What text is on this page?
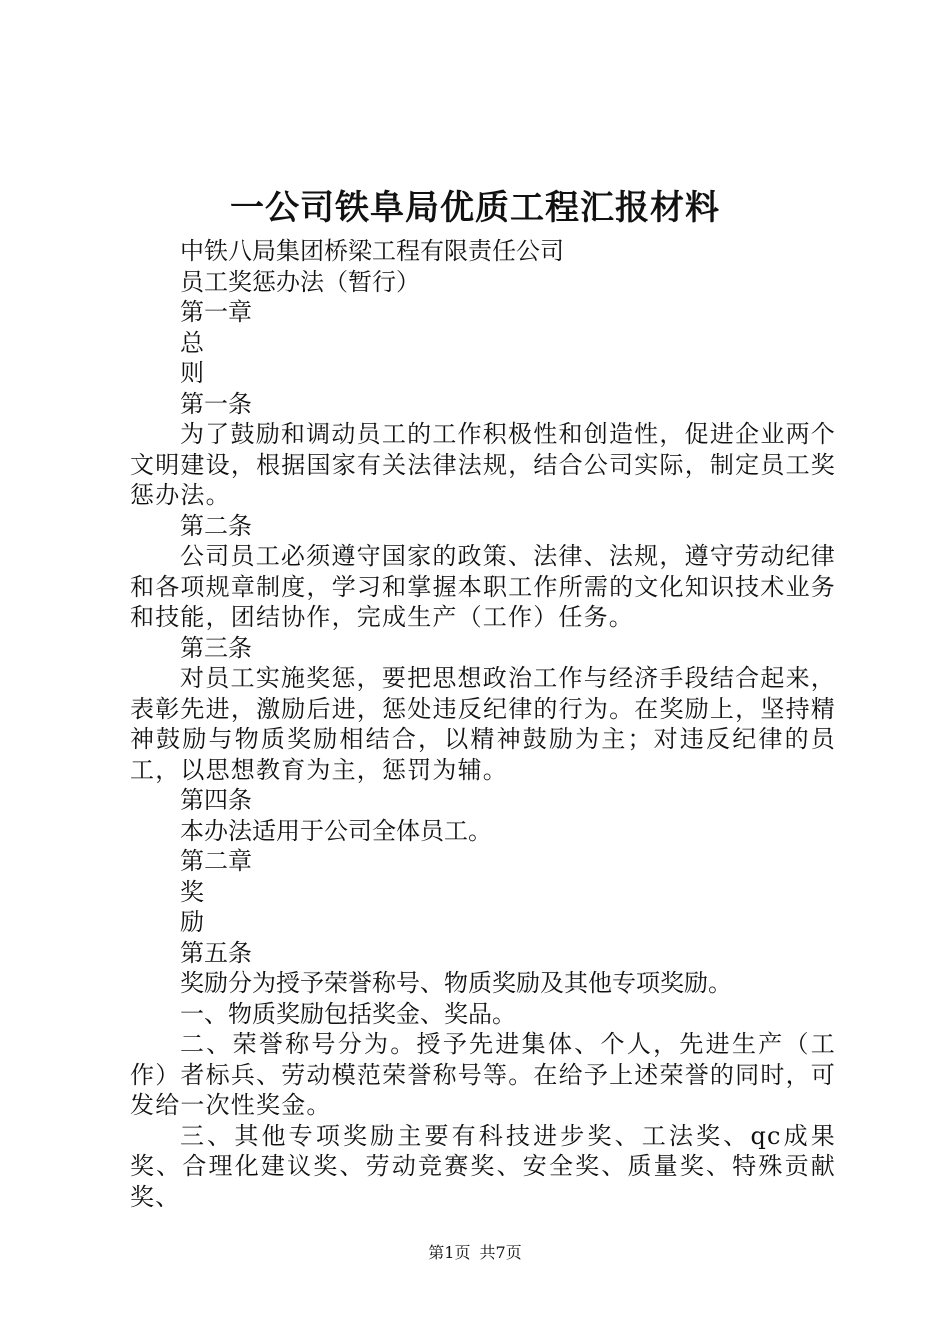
一公司铁阜局优质工程汇报材料
中铁八局集团桥梁工程有限责任公司
员工奖惩办法（暂行）
第一章
总
则
第一条
为了鼓励和调动员工的工作积极性和创造性，促进企业两个文明建设，根据国家有关法律法规，结合公司实际，制定员工奖惩办法。
第二条
公司员工必须遵守国家的政策、法律、法规，遵守劳动纪律和各项规章制度，学习和掌握本职工作所需的文化知识技术业务和技能，团结协作，完成生产（工作）任务。
第三条
对员工实施奖惩，要把思想政治工作与经济手段结合起来，表彰先进，激励后进，惩处违反纪律的行为。在奖励上，坚持精神鼓励与物质奖励相结合，以精神鼓励为主；对违反纪律的员工，以思想教育为主，惩罚为辅。
第四条
本办法适用于公司全体员工。
第二章
奖
励
第五条
奖励分为授予荣誉称号、物质奖励及其他专项奖励。
一、物质奖励包括奖金、奖品。
二、荣誉称号分为。授予先进集体、个人，先进生产（工作）者标兵、劳动模范荣誉称号等。在给予上述荣誉的同时，可发给一次性奖金。
三、其他专项奖励主要有科技进步奖、工法奖、qc成果奖、合理化建议奖、劳动竞赛奖、安全奖、质量奖、特殊贡献奖、
第1页 共7页
